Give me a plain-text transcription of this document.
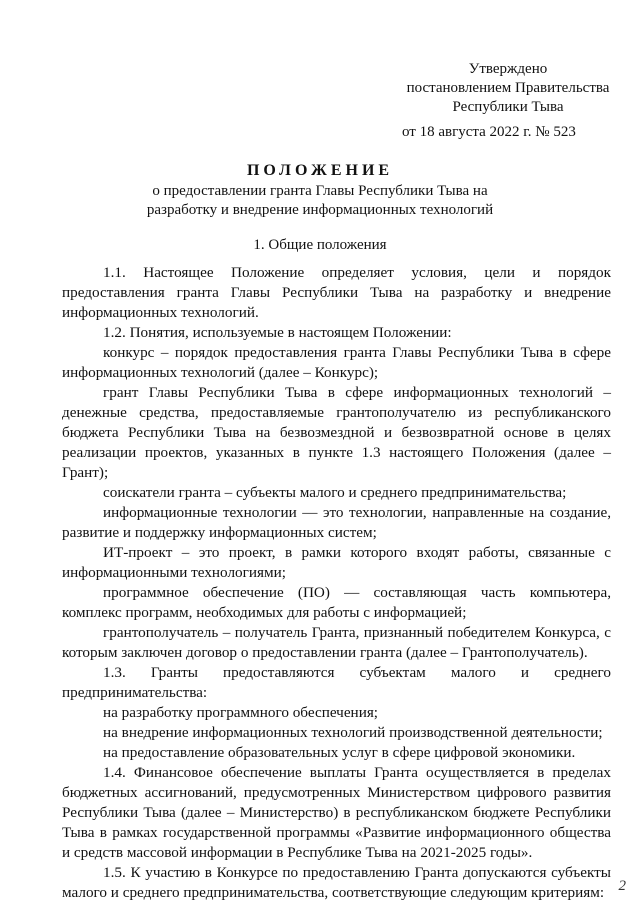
Утверждено
постановлением Правительства
Республики Тыва
от 18 августа 2022 г. № 523
ПОЛОЖЕНИЕ
о предоставлении гранта Главы Республики Тыва на
разработку и внедрение информационных технологий
1. Общие положения

1.1. Настоящее Положение определяет условия, цели и порядок предоставления гранта Главы Республики Тыва на разработку и внедрение информационных технологий.

1.2. Понятия, используемые в настоящем Положении:

конкурс – порядок предоставления гранта Главы Республики Тыва в сфере информационных технологий (далее – Конкурс);

грант Главы Республики Тыва в сфере информационных технологий – денежные средства, предоставляемые грантополучателю из республиканского бюджета Республики Тыва на безвозмездной и безвозвратной основе в целях реализации проектов, указанных в пункте 1.3 настоящего Положения (далее – Грант);

соискатели гранта – субъекты малого и среднего предпринимательства;

информационные технологии — это технологии, направленные на создание, развитие и поддержку информационных систем;

ИТ-проект – это проект, в рамки которого входят работы, связанные с информационными технологиями;

программное обеспечение (ПО) — составляющая часть компьютера, комплекс программ, необходимых для работы с информацией;

грантополучатель – получатель Гранта, признанный победителем Конкурса, с которым заключен договор о предоставлении гранта (далее – Грантополучатель).

1.3. Гранты предоставляются субъектам малого и среднего предпринимательства:

на разработку программного обеспечения;

на внедрение информационных технологий производственной деятельности;

на предоставление образовательных услуг в сфере цифровой экономики.

1.4. Финансовое обеспечение выплаты Гранта осуществляется в пределах бюджетных ассигнований, предусмотренных Министерством цифрового развития Республики Тыва (далее – Министерство) в республиканском бюджете Республики Тыва в рамках государственной программы «Развитие информационного общества и средств массовой информации в Республике Тыва на 2021-2025 годы».

1.5. К участию в Конкурсе по предоставлению Гранта допускаются субъекты малого и среднего предпринимательства, соответствующие следующим критериям: 2
